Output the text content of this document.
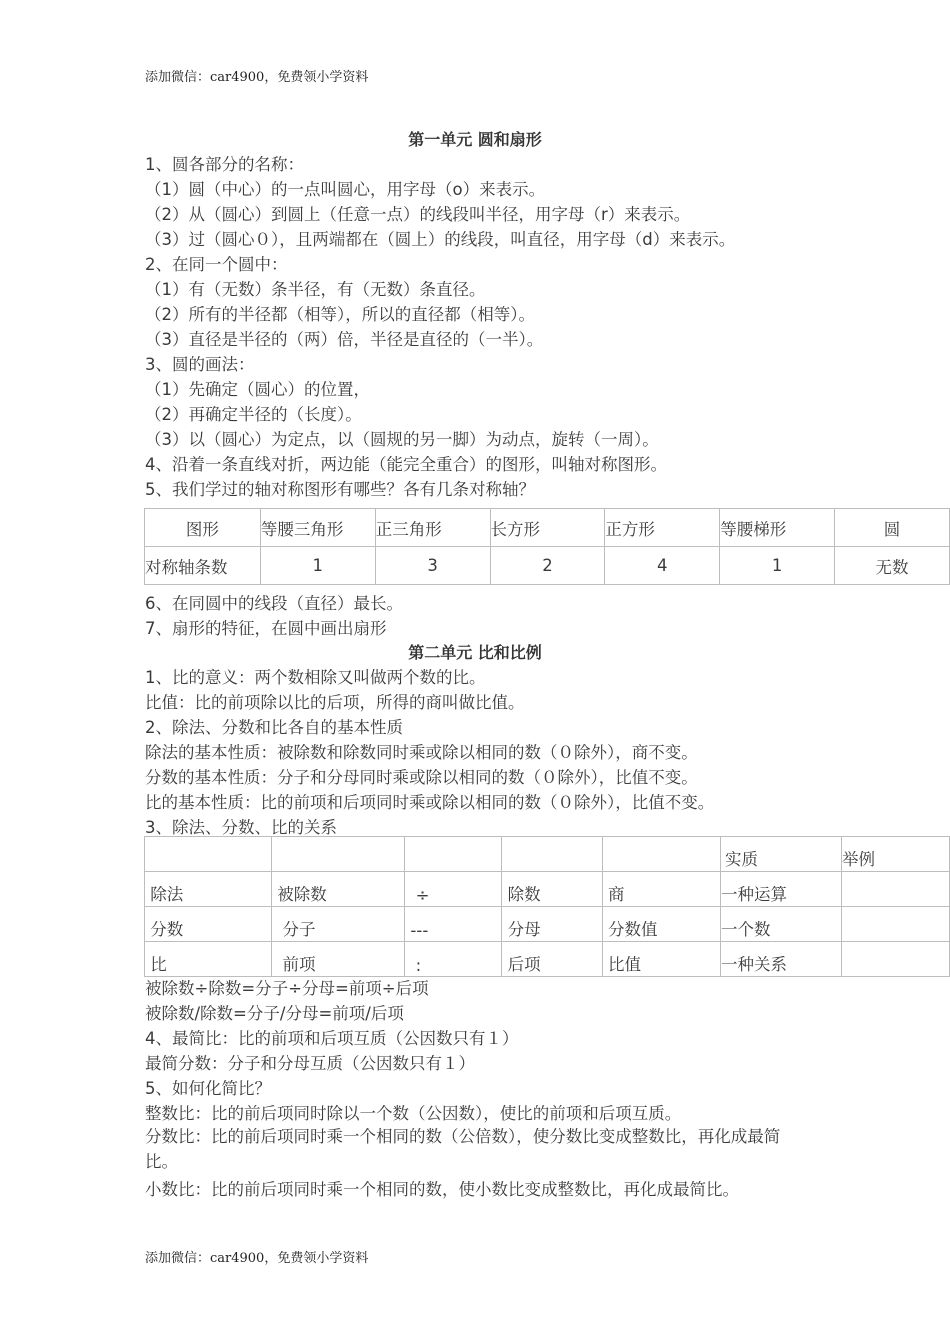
添加微信：car4900，免费领小学资料
第一单元 圆和扇形
1、圆各部分的名称：
（1）圆（中心）的一点叫圆心，用字母（o）来表示。
（2）从（圆心）到圆上（任意一点）的线段叫半径，用字母（r）来表示。
（3）过（圆心０），且两端都在（圆上）的线段，叫直径，用字母（d）来表示。
2、在同一个圆中：
（1）有（无数）条半径，有（无数）条直径。
（2）所有的半径都（相等），所以的直径都（相等）。
（3）直径是半径的（两）倍，半径是直径的（一半）。
3、圆的画法：
（1）先确定（圆心）的位置，
（2）再确定半径的（长度）。
（3）以（圆心）为定点，以（圆规的另一脚）为动点，旋转（一周）。
4、沿着一条直线对折，两边能（能完全重合）的图形，叫轴对称图形。
5、我们学过的轴对称图形有哪些？各有几条对称轴？
图形	等腰三角形	正三角形	长方形	正方形	等腰梯形	圆
对称轴条数	1	3	2	4	1	无数
6、在同圆中的线段（直径）最长。
7、扇形的特征，在圆中画出扇形
第二单元 比和比例
1、比的意义：两个数相除又叫做两个数的比。
比值：比的前项除以比的后项，所得的商叫做比值。
2、除法、分数和比各自的基本性质
除法的基本性质：被除数和除数同时乘或除以相同的数（０除外），商不变。
分数的基本性质：分子和分母同时乘或除以相同的数（０除外），比值不变。
比的基本性质：比的前项和后项同时乘或除以相同的数（０除外），比值不变。
3、除法、分数、比的关系
					实质	举例
除法	被除数	÷	除数	商	一种运算	
分数	分子	---	分母	分数值	一个数	
比	前项	:	后项	比值	一种关系	
被除数÷除数=分子÷分母=前项÷后项
被除数/除数=分子/分母=前项/后项
4、最简比：比的前项和后项互质（公因数只有１）
最简分数：分子和分母互质（公因数只有１）
5、如何化简比？
整数比：比的前后项同时除以一个数（公因数），使比的前项和后项互质。
分数比：比的前后项同时乘一个相同的数（公倍数），使分数比变成整数比，再化成最简比。
小数比：比的前后项同时乘一个相同的数，使小数比变成整数比，再化成最简比。
添加微信：car4900，免费领小学资料
